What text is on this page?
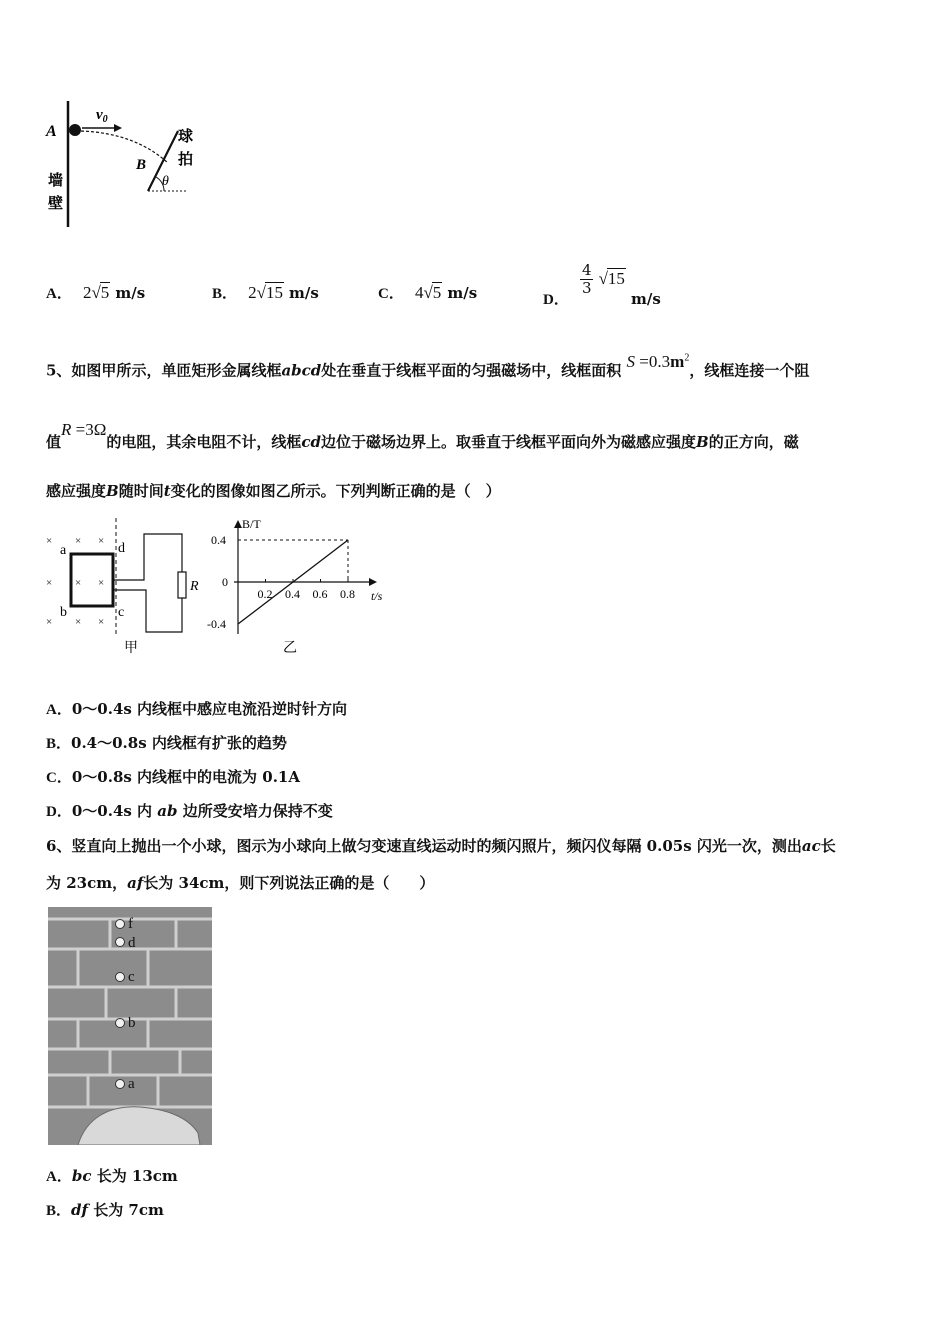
A
$v_0$
B
θ
墙
壁
球
拍
A． 2√5 m/s	B． 2√15 m/s	C． 4√5 m/s	D．
$\frac{4}{3} √15$ m/s
5、如图甲所示，单匝矩形金属线框abcd处在垂直于线框平面的匀强磁场中，线框面积 $S =0.3m^2$，线框连接一个阻
值R =3Ω的电阻，其余电阻不计，线框cd边位于磁场边界上。取垂直于线框平面向外为磁感应强度B的正方向，磁
感应强度B随时间t变化的图像如图乙所示。下列判断正确的是（　）
× × ×
× × ×
× × ×
a	d
b	c
R
甲	乙
B/T
t/s
0.2 0.4 0.6 0.8
0.4
0
-0.4
A．0～0.4s 内线框中感应电流沿逆时针方向
B．0.4～0.8s 内线框有扩张的趋势
C．0～0.8s 内线框中的电流为 0.1A
D．0～0.4s 内 ab 边所受安培力保持不变
6、竖直向上抛出一个小球，图示为小球向上做匀变速直线运动时的频闪照片，频闪仪每隔 0.05s 闪光一次，测出ac长
为 23cm，af长为 34cm，则下列说法正确的是（　　）
f
d
c
b
a
A．bc 长为 13cm
B．df 长为 7cm
